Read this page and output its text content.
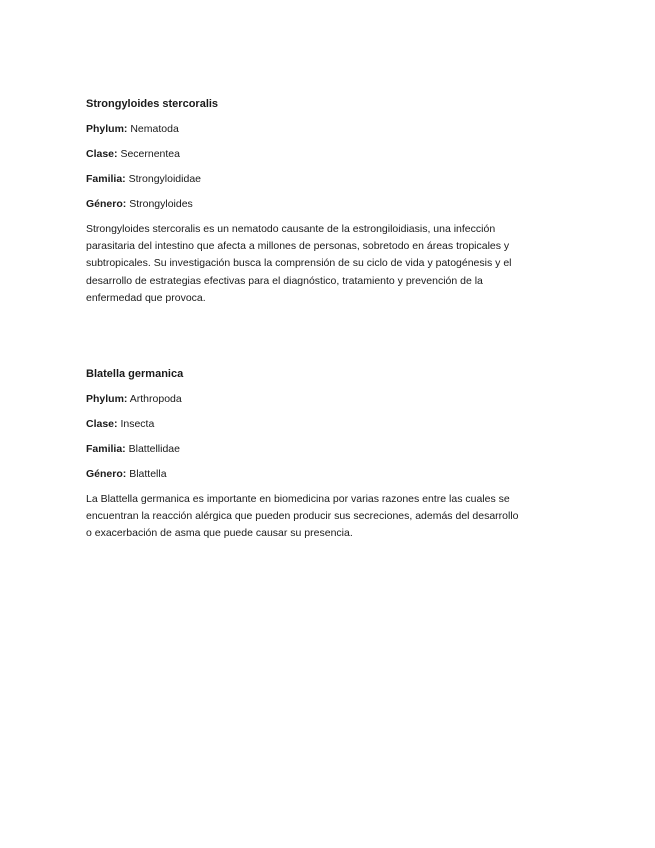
Strongyloides stercoralis

Phylum: Nematoda

Clase: Secernentea

Familia: Strongyloididae

Género: Strongyloides

Strongyloides stercoralis es un nematodo causante de la estrongiloidiasis, una infección parasitaria del intestino que afecta a millones de personas, sobretodo en áreas tropicales y subtropicales. Su investigación busca la comprensión de su ciclo de vida y patogénesis y el desarrollo de estrategias efectivas para el diagnóstico, tratamiento y prevención de la enfermedad que provoca.

Blatella germanica

Phylum: Arthropoda

Clase: Insecta

Familia: Blattellidae

Género: Blattella

La Blattella germanica es importante en biomedicina por varias razones entre las cuales se encuentran la reacción alérgica que pueden producir sus secreciones, además del desarrollo o exacerbación de asma que puede causar su presencia.
